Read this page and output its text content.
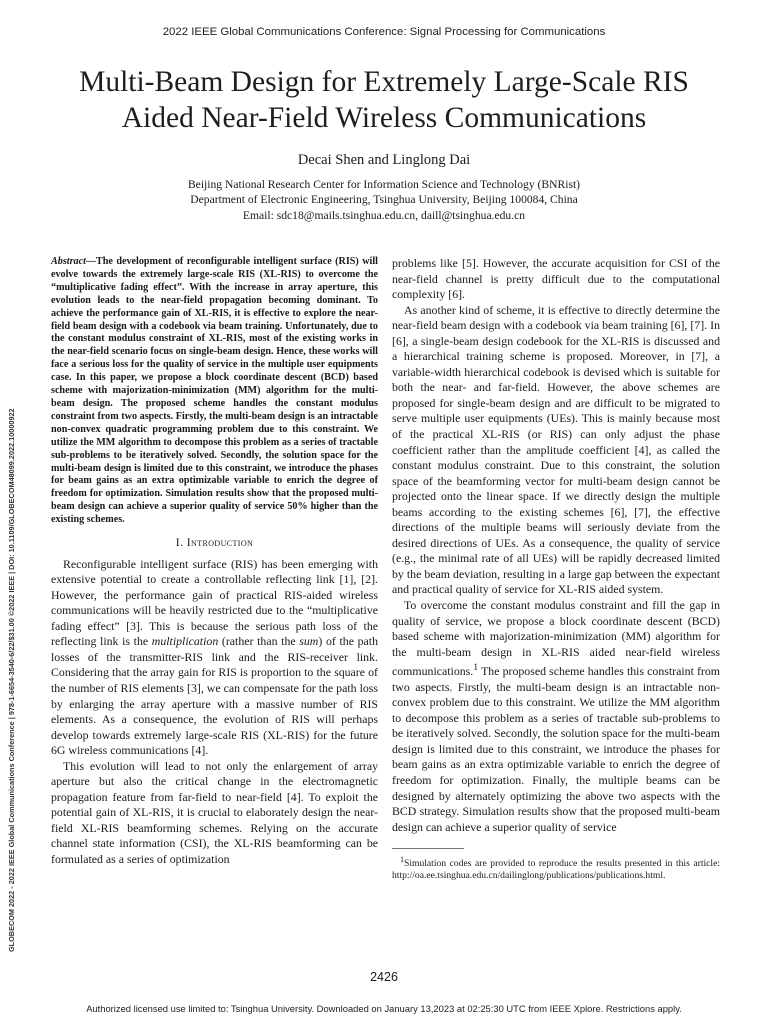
2022 IEEE Global Communications Conference: Signal Processing for Communications
Multi-Beam Design for Extremely Large-Scale RIS
Aided Near-Field Wireless Communications
Decai Shen and Linglong Dai
Beijing National Research Center for Information Science and Technology (BNRist)
Department of Electronic Engineering, Tsinghua University, Beijing 100084, China
Email: sdc18@mails.tsinghua.edu.cn, daill@tsinghua.edu.cn
GLOBECOM 2022 - 2022 IEEE Global Communications Conference | 978-1-6654-3540-6/22/$31.00 ©2022 IEEE | DOI: 10.1109/GLOBECOM48099.2022.10000922

Abstract—The development of reconfigurable intelligent surface (RIS) will evolve towards the extremely large-scale RIS (XL-RIS) to overcome the “multiplicative fading effect”. With the increase in array aperture, this evolution leads to the near-field propagation becoming dominant. To achieve the performance gain of XL-RIS, it is effective to explore the near-field beam design with a codebook via beam training. Unfortunately, due to the constant modulus constraint of XL-RIS, most of the existing works in the near-field scenario focus on single-beam design. Hence, these works will face a serious loss for the quality of service in the multiple user equipments case. In this paper, we propose a block coordinate descent (BCD) based scheme with majorization-minimization (MM) algorithm for the multi-beam design. The proposed scheme handles the constant modulus constraint from two aspects. Firstly, the multi-beam design is an intractable non-convex quadratic programming problem due to this constraint. We utilize the MM algorithm to decompose this problem as a series of tractable sub-problems to be iteratively solved. Secondly, the solution space for the multi-beam design is limited due to this constraint, we introduce the phases for beam gains as an extra optimizable variable to enrich the degree of freedom for optimization. Simulation results show that the proposed multi-beam design can achieve a superior quality of service 50% higher than the existing schemes.

I. Introduction

Reconfigurable intelligent surface (RIS) has been emerging with extensive potential to create a controllable reflecting link [1], [2]. However, the performance gain of practical RIS-aided wireless communications will be heavily restricted due to the “multiplicative fading effect” [3]. This is because the serious path loss of the reflecting link is the multiplication (rather than the sum) of the path losses of the transmitter-RIS link and the RIS-receiver link. Considering that the array gain for RIS is proportion to the square of the number of RIS elements [3], we can compensate for the path loss by enlarging the array aperture with a massive number of RIS elements. As a consequence, the evolution of RIS will perhaps develop towards extremely large-scale RIS (XL-RIS) for the future 6G wireless communications [4].

This evolution will lead to not only the enlargement of array aperture but also the critical change in the electromagnetic propagation feature from far-field to near-field [4]. To exploit the potential gain of XL-RIS, it is crucial to elaborately design the near-field XL-RIS beamforming schemes. Relying on the accurate channel state information (CSI), the XL-RIS beamforming can be formulated as a series of optimization

problems like [5]. However, the accurate acquisition for CSI of the near-field channel is pretty difficult due to the computational complexity [6].

As another kind of scheme, it is effective to directly determine the near-field beam design with a codebook via beam training [6], [7]. In [6], a single-beam design codebook for the XL-RIS is discussed and a hierarchical training scheme is proposed. Moreover, in [7], a variable-width hierarchical codebook is devised which is suitable for both the near- and far-field. However, the above schemes are proposed for single-beam design and are difficult to be migrated to serve multiple user equipments (UEs). This is mainly because most of the practical XL-RIS (or RIS) can only adjust the phase coefficient rather than the amplitude coefficient [4], as called the constant modulus constraint. Due to this constraint, the solution space of the beamforming vector for multi-beam design cannot be projected onto the linear space. If we directly design the multiple beams according to the existing schemes [6], [7], the effective directions of the multiple beams will seriously deviate from the desired directions of UEs. As a consequence, the quality of service (e.g., the minimal rate of all UEs) will be rapidly decreased limited by the beam deviation, resulting in a large gap between the expectant and practical quality of service for XL-RIS aided system.

To overcome the constant modulus constraint and fill the gap in quality of service, we propose a block coordinate descent (BCD) based scheme with majorization-minimization (MM) algorithm for the multi-beam design in XL-RIS aided near-field wireless communications.$^1$ The proposed scheme handles this constraint from two aspects. Firstly, the multi-beam design is an intractable non-convex problem due to this constraint. We utilize the MM algorithm to decompose this problem as a series of tractable sub-problems to be iteratively solved. Secondly, the solution space for the multi-beam design is limited due to this constraint, we introduce the phases for beam gains as an extra optimizable variable to enrich the degree of freedom for optimization. Finally, the multiple beams can be designed by alternately optimizing the above two aspects with the BCD strategy. Simulation results show that the proposed multi-beam design can achieve a superior quality of service

$^1$Simulation codes are provided to reproduce the results presented in this article: http://oa.ee.tsinghua.edu.cn/dailinglong/publications/publications.html.

2426
Authorized licensed use limited to: Tsinghua University. Downloaded on January 13,2023 at 02:25:30 UTC from IEEE Xplore. Restrictions apply.
